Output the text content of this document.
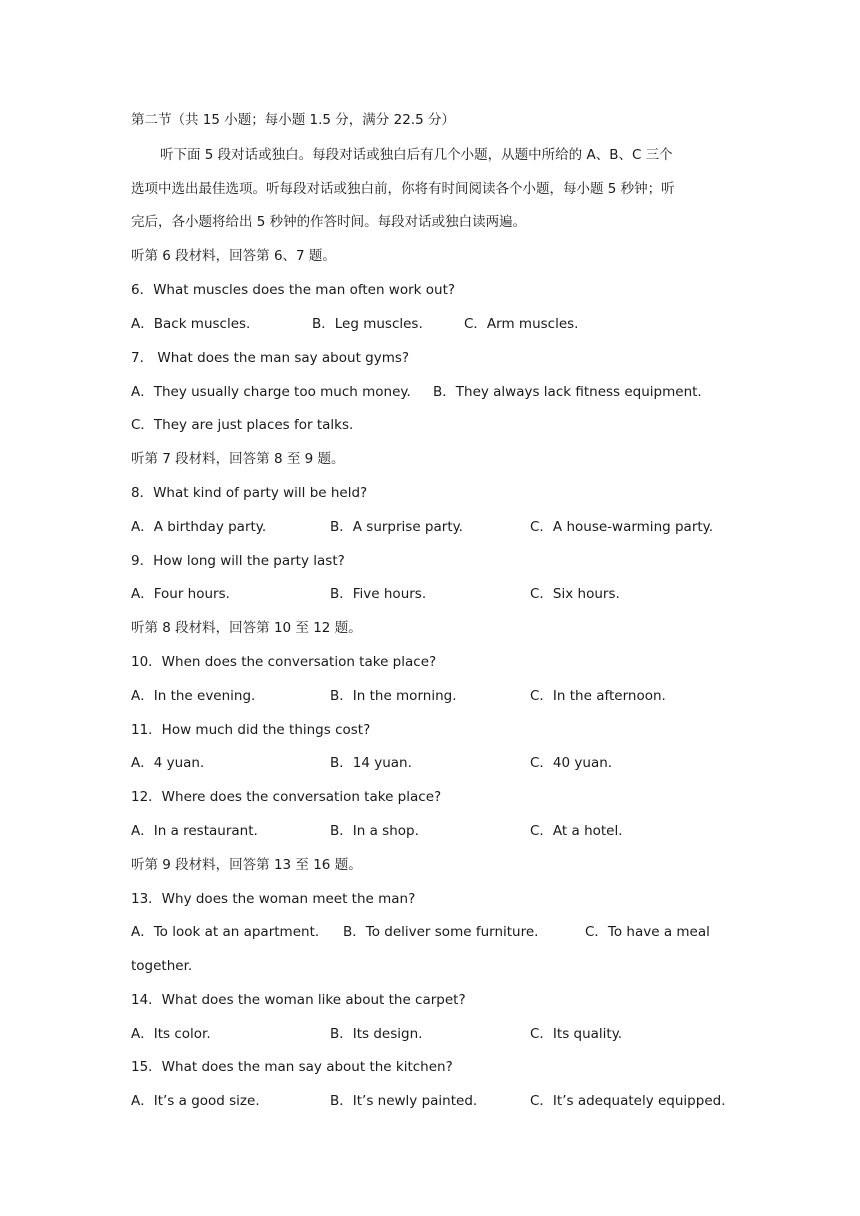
第二节（共 15 小题；每小题 1.5 分，满分 22.5 分）
听下面 5 段对话或独白。每段对话或独白后有几个小题，从题中所给的 A、B、C 三个
选项中选出最佳选项。听每段对话或独白前，你将有时间阅读各个小题，每小题 5 秒钟；听
完后，各小题将给出 5 秒钟的作答时间。每段对话或独白读两遍。
听第 6 段材料，回答第 6、7 题。
6．What muscles does the man often work out?
A．Back muscles.	B．Leg muscles.	C．Arm muscles.
7． What does the man say about gyms?
A．They usually charge too much money. B．They always lack fitness equipment.
C．They are just places for talks.
听第 7 段材料，回答第 8 至 9 题。
8．What kind of party will be held?
A．A birthday party.	B．A surprise party.	C．A house-warming party.
9．How long will the party last?
A．Four hours.	B．Five hours.	C．Six hours.
听第 8 段材料，回答第 10 至 12 题。
10．When does the conversation take place?
A．In the evening.	B．In the morning.	C．In the afternoon.
11．How much did the things cost?
A．4 yuan.	B．14 yuan.	C．40 yuan.
12．Where does the conversation take place?
A．In a restaurant.	B．In a shop.	C．At a hotel.
听第 9 段材料，回答第 13 至 16 题。
13．Why does the woman meet the man?
A．To look at an apartment. B．To deliver some furniture.	C．To have a meal
together.
14．What does the woman like about the carpet?
A．Its color.	B．Its design.	C．Its quality.
15．What does the man say about the kitchen?
A．It’s a good size.	B．It’s newly painted.	C．It’s adequately equipped.
